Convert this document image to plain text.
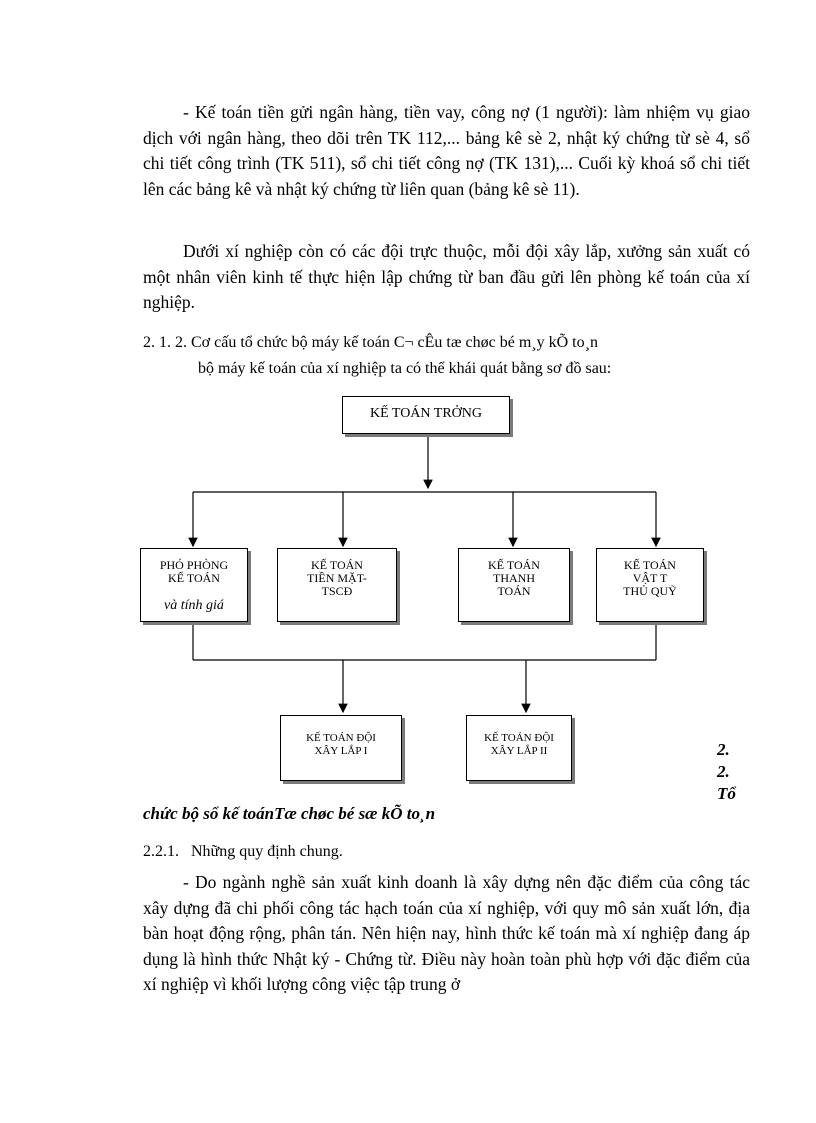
- Kế toán tiền gửi ngân hàng, tiền vay, công nợ (1 người): làm nhiệm vụ giao dịch với ngân hàng, theo dõi trên TK 112,... bảng kê sè 2, nhật ký chứng từ sè 4, sổ chi tiết công trình (TK 511), sổ chi tiết công nợ (TK 131),... Cuối kỳ khoá sổ chi tiết lên các bảng kê và nhật ký chứng từ liên quan (bảng kê sè 11).

Dưới xí nghiệp còn có các đội trực thuộc, mỗi đội xây lắp, xưởng sản xuất có một nhân viên kinh tế thực hiện lập chứng từ ban đầu gửi lên phòng kế toán của xí nghiệp.

2. 1. 2. Cơ cấu tổ chức bộ máy kế toán C¬ cÊu tæ chøc bé m¸y kÕ to¸n

bộ máy kế toán của xí nghiệp ta có thể khái quát bằng sơ đồ sau:
KẾ TOÁN TRỞNG
PHÓ PHÒNG
KẾ TOÁN
và tính giá
KẾ TOÁN
TIỀN MẶT-
TSCĐ
KẾ TOÁN
THANH
TOÁN
KẾ TOÁN
VẬT T
THỦ QUỸ
KẾ TOÁN ĐỘI XÂY LẮP I
KẾ TOÁN ĐỘI XÂY LẮP II	2.
2.
Tổ

chức bộ sổ kế toánTæ chøc bé sæ kÕ to¸n

2.2.1. Những quy định chung.

- Do ngành nghề sản xuất kinh doanh là xây dựng nên đặc điểm của công tác xây dựng đã chi phối công tác hạch toán của xí nghiệp, với quy mô sản xuất lớn, địa bàn hoạt động rộng, phân tán. Nên hiện nay, hình thức kế toán mà xí nghiệp đang áp dụng là hình thức Nhật ký - Chứng từ. Điều này hoàn toàn phù hợp với đặc điểm của xí nghiệp vì khối lượng công việc tập trung ở
